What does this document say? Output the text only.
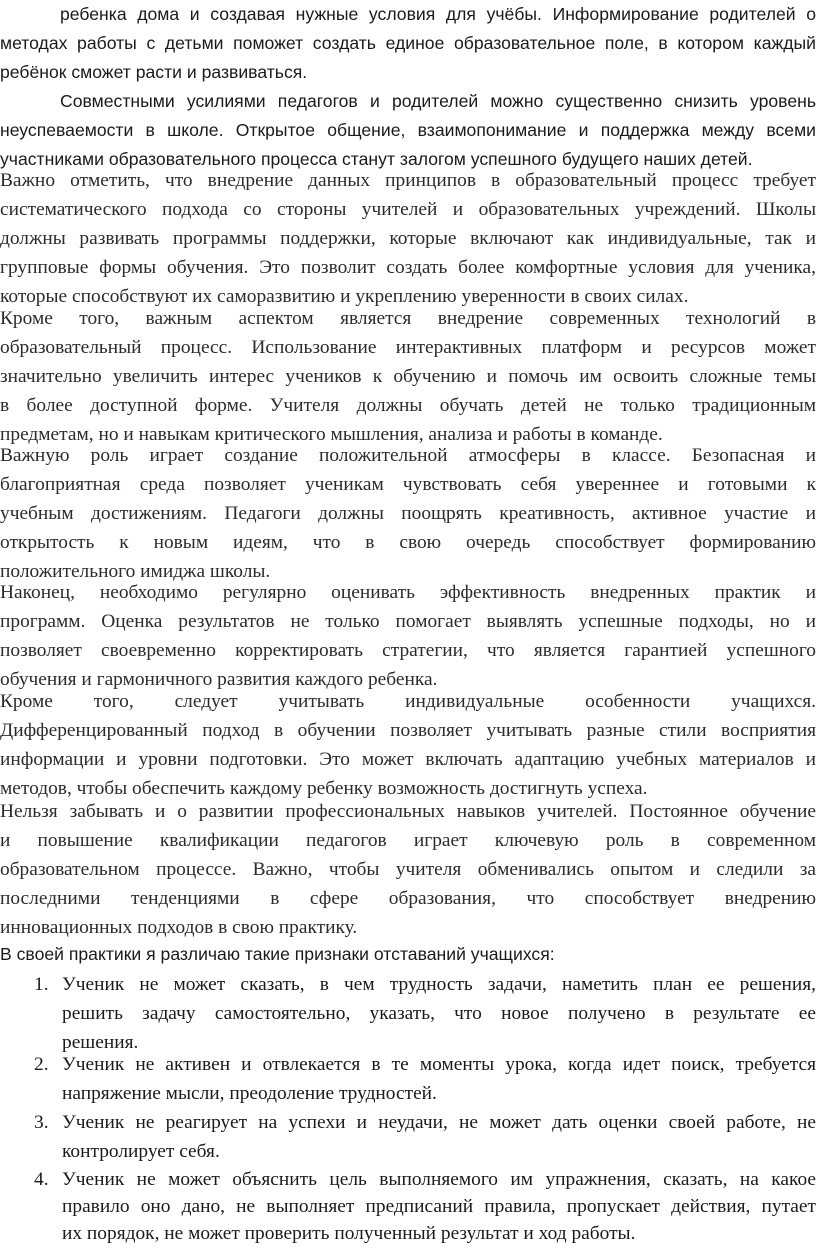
ребенка дома и создавая нужные условия для учёбы. Информирование родителей о
методах работы с детьми поможет создать единое образовательное поле, в котором каждый
ребёнок сможет расти и развиваться.
Совместными усилиями педагогов и родителей можно существенно снизить уровень
неуспеваемости в школе. Открытое общение, взаимопонимание и поддержка между всеми
участниками образовательного процесса станут залогом успешного будущего наших детей.
Важно отметить, что внедрение данных принципов в образовательный процесс требует
систематического подхода со стороны учителей и образовательных учреждений. Школы
должны развивать программы поддержки, которые включают как индивидуальные, так и
групповые формы обучения. Это позволит создать более комфортные условия для ученика,
которые способствуют их саморазвитию и укреплению уверенности в своих силах.
Кроме того, важным аспектом является внедрение современных технологий в
образовательный процесс. Использование интерактивных платформ и ресурсов может
значительно увеличить интерес учеников к обучению и помочь им освоить сложные темы
в более доступной форме. Учителя должны обучать детей не только традиционным
предметам, но и навыкам критического мышления, анализа и работы в команде.
Важную роль играет создание положительной атмосферы в классе. Безопасная и
благоприятная среда позволяет ученикам чувствовать себя увереннее и готовыми к
учебным достижениям. Педагоги должны поощрять креативность, активное участие и
открытость к новым идеям, что в свою очередь способствует формированию
положительного имиджа школы.
Наконец, необходимо регулярно оценивать эффективность внедренных практик и
программ. Оценка результатов не только помогает выявлять успешные подходы, но и
позволяет своевременно корректировать стратегии, что является гарантией успешного
обучения и гармоничного развития каждого ребенка.
Кроме того, следует учитывать индивидуальные особенности учащихся.
Дифференцированный подход в обучении позволяет учитывать разные стили восприятия
информации и уровни подготовки. Это может включать адаптацию учебных материалов и
методов, чтобы обеспечить каждому ребенку возможность достигнуть успеха.
Нельзя забывать и о развитии профессиональных навыков учителей. Постоянное обучение
и повышение квалификации педагогов играет ключевую роль в современном
образовательном процессе. Важно, чтобы учителя обменивались опытом и следили за
последними тенденциями в сфере образования, что способствует внедрению
инновационных подходов в свою практику.
В своей практики я различаю такие признаки отставаний учащихся:
1. Ученик не может сказать, в чем трудность задачи, наметить план ее решения,
решить задачу самостоятельно, указать, что новое получено в результате ее
решения.
2. Ученик не активен и отвлекается в те моменты урока, когда идет поиск, требуется
напряжение мысли, преодоление трудностей.
3. Ученик не реагирует на успехи и неудачи, не может дать оценки своей работе, не
контролирует себя.
4. Ученик не может объяснить цель выполняемого им упражнения, сказать, на какое
правило оно дано, не выполняет предписаний правила, пропускает действия, путает
их порядок, не может проверить полученный результат и ход работы.
